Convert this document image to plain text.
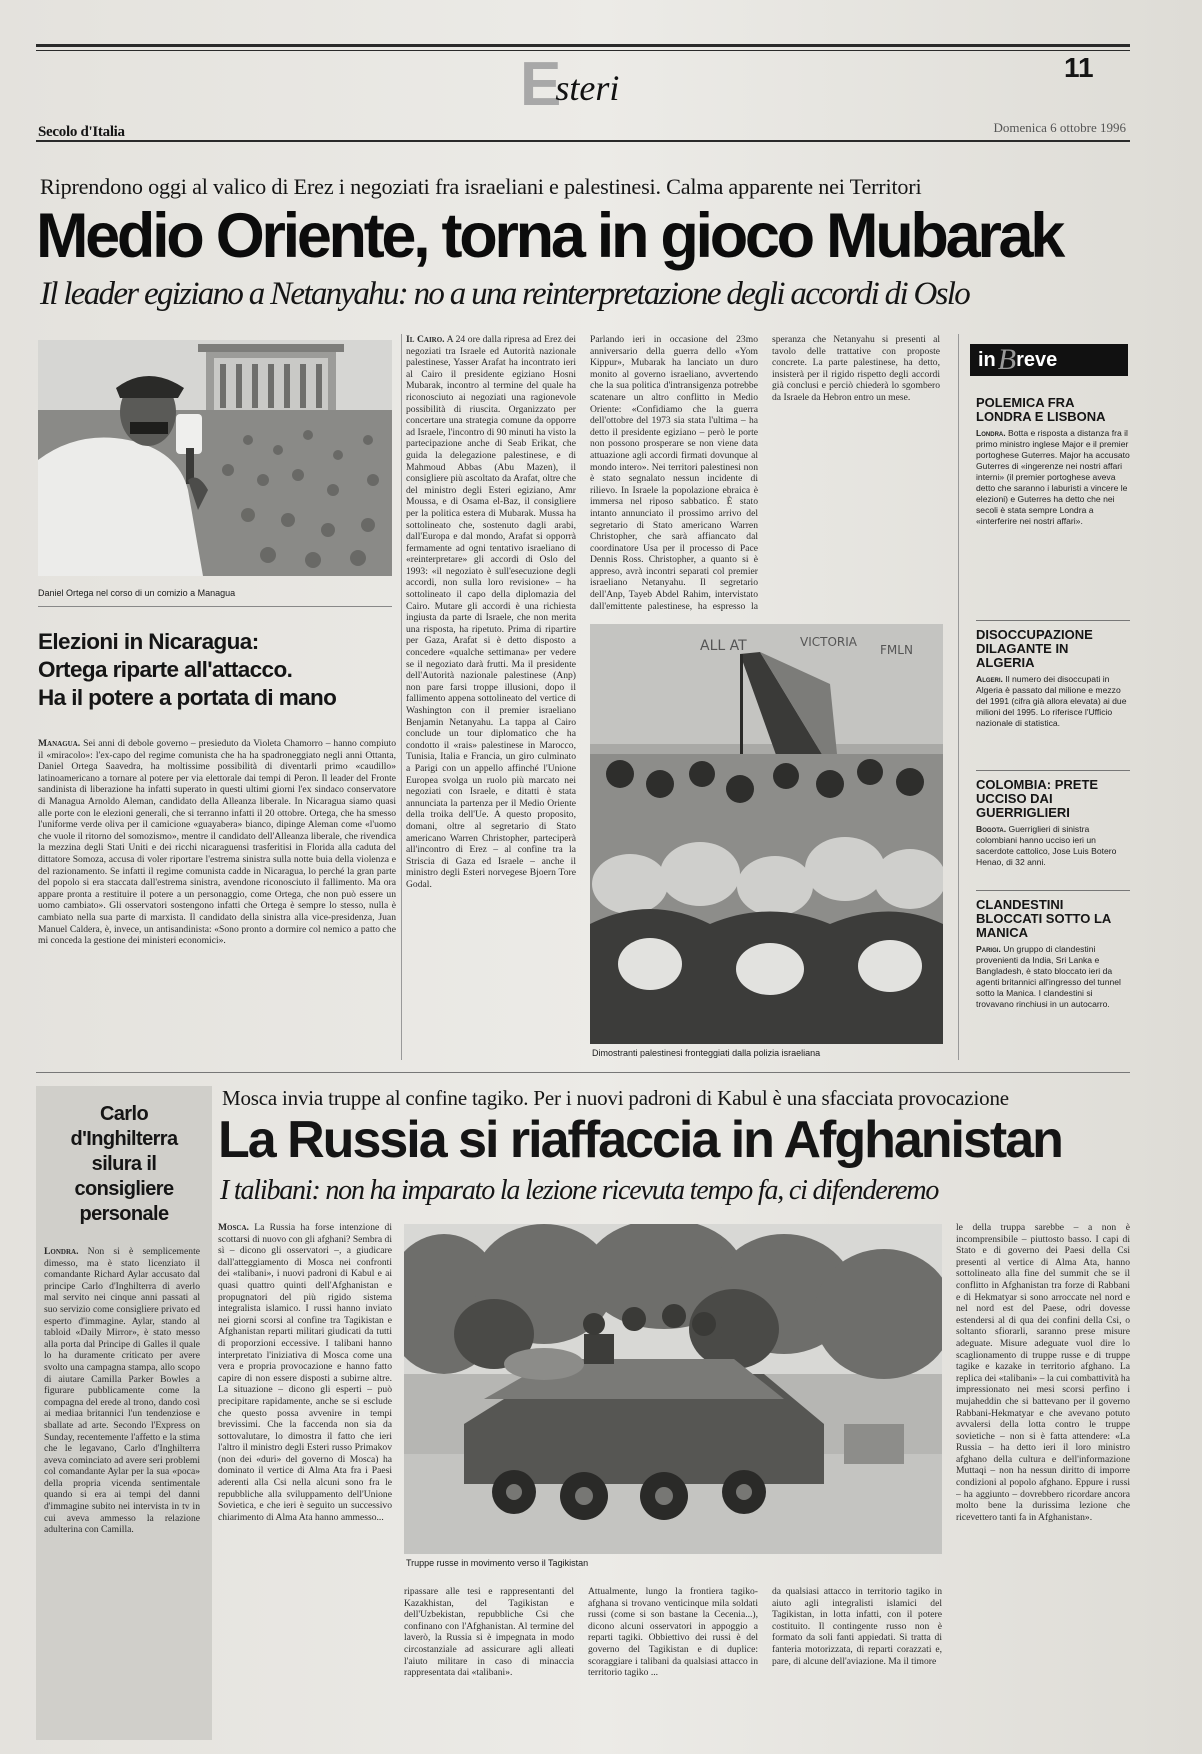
E
steri
11
Secolo d'Italia	Domenica 6 ottobre 1996
Riprendono oggi al valico di Erez i negoziati fra israeliani e palestinesi. Calma apparente nei Territori
Medio Oriente, torna in gioco Mubarak
Il leader egiziano a Netanyahu: no a una reinterpretazione degli accordi di Oslo
Daniel Ortega nel corso di un comizio a Managua
Elezioni in Nicaragua:
Ortega riparte all'attacco.
Ha il potere a portata di mano

Managua. Sei anni di debole governo – presieduto da Violeta Chamorro – hanno compiuto il «miracolo»: l'ex-capo del regime comunista che ha ha spadroneggiato negli anni Ottanta, Daniel Ortega Saavedra, ha moltissime possibilità di diventarli primo «caudillo» latinoamericano a tornare al potere per via elettorale dai tempi di Peron. Il leader del Fronte sandinista di liberazione ha infatti superato in questi ultimi giorni l'ex sindaco conservatore di Managua Arnoldo Aleman, candidato della Alleanza liberale. In Nicaragua siamo quasi alle porte con le elezioni generali, che si terranno infatti il 20 ottobre. Ortega, che ha smesso l'uniforme verde oliva per il camicione «guayabera» bianco, dipinge Aleman come «l'uomo che vuole il ritorno del somozismo», mentre il candidato dell'Alleanza liberale, che rivendica la mezzina degli Stati Uniti e dei ricchi nicaraguensi trasferitisi in Florida alla caduta del dittatore Somoza, accusa di voler riportare l'estrema sinistra sulla notte buia della violenza e del razionamento. Se infatti il regime comunista cadde in Nicaragua, lo perché la gran parte del popolo si era staccata dall'estrema sinistra, avendone riconosciuto il fallimento. Ma ora appare pronta a restituire il potere a un personaggio, come Ortega, che non può essere un uomo cambiato». Gli osservatori sostengono infatti che Ortega è sempre lo stesso, nulla è cambiato nella sua parte di marxista. Il candidato della sinistra alla vice-presidenza, Juan Manuel Caldera, è, invece, un antisandinista: «Sono pronto a dormire col nemico a patto che mi conceda la gestione dei ministeri economici».

Il Cairo. A 24 ore dalla ripresa ad Erez dei negoziati tra Israele ed Autorità nazionale palestinese, Yasser Arafat ha incontrato ieri al Cairo il presidente egiziano Hosni Mubarak, incontro al termine del quale ha riconosciuto ai negoziati una ragionevole possibilità di riuscita. Organizzato per concertare una strategia comune da opporre ad Israele, l'incontro di 90 minuti ha visto la partecipazione anche di Seab Erikat, che guida la delegazione palestinese, e di Mahmoud Abbas (Abu Mazen), il consigliere più ascoltato da Arafat, oltre che del ministro degli Esteri egiziano, Amr Moussa, e di Osama el-Baz, il consigliere per la politica estera di Mubarak. Mussa ha sottolineato che, sostenuto dagli arabi, dall'Europa e dal mondo, Arafat si opporrà fermamente ad ogni tentativo israeliano di «reinterpretare» gli accordi di Oslo del 1993: «il negoziato è sull'esecuzione degli accordi, non sulla loro revisione» – ha sottolineato il capo della diplomazia del Cairo. Mutare gli accordi è una richiesta ingiusta da parte di Israele, che non merita una risposta, ha ripetuto. Prima di ripartire per Gaza, Arafat si è detto disposto a concedere «qualche settimana» per vedere se il negoziato darà frutti. Ma il presidente dell'Autorità nazionale palestinese (Anp) non pare farsi troppe illusioni, dopo il fallimento appena sottolineato del vertice di Washington con il premier israeliano Benjamin Netanyahu. La tappa al Cairo conclude un tour diplomatico che ha condotto il «rais» palestinese in Marocco, Tunisia, Italia e Francia, un giro culminato a Parigi con un appello affinché l'Unione Europea svolga un ruolo più marcato nei negoziati con Israele, e ditatti è stata annunciata la partenza per il Medio Oriente della troika dell'Ue. A questo proposito, domani, oltre al segretario di Stato americano Warren Christopher, parteciperà all'incontro di Erez – al confine tra la Striscia di Gaza ed Israele – anche il ministro degli Esteri norvegese Bjoern Tore Godal.

Parlando ieri in occasione del 23mo anniversario della guerra dello «Yom Kippur», Mubarak ha lanciato un duro monito al governo israeliano, avvertendo che la sua politica d'intransigenza potrebbe scatenare un altro conflitto in Medio Oriente: «Confidiamo che la guerra dell'ottobre del 1973 sia stata l'ultima – ha detto il presidente egiziano – però le porte non possono prosperare se non viene data attuazione agli accordi firmati dovunque al mondo intero». Nei territori palestinesi non è stato segnalato nessun incidente di rilievo. In Israele la popolazione ebraica è immersa nel riposo sabbatico. È stato intanto annunciato il prossimo arrivo del segretario di Stato americano Warren Christopher, che sarà affiancato dal coordinatore Usa per il processo di Pace Dennis Ross. Christopher, a quanto si è appreso, avrà incontri separati col premier israeliano Netanyahu. Il segretario dell'Anp, Tayeb Abdel Rahim, intervistato dall'emittente palestinese, ha espresso la speranza che Netanyahu si presenti al tavolo delle trattative con proposte concrete. La parte palestinese, ha detto, insisterà per il rigido rispetto degli accordi già conclusi e perciò chiederà lo sgombero da Israele da Hebron entro un mese.

ALL AT	VICTORIA
FMLN
Dimostranti palestinesi fronteggiati dalla polizia israeliana
in B reve
POLEMICA FRA LONDRA E LISBONA

Londra. Botta e risposta a distanza fra il primo ministro inglese Major e il premier portoghese Guterres. Major ha accusato Guterres di «ingerenze nei nostri affari interni» (il premier portoghese aveva detto che saranno i laburisti a vincere le elezioni) e Guterres ha detto che nei secoli è stata sempre Londra a «interferire nei nostri affari».

DISOCCUPAZIONE DILAGANTE IN ALGERIA

Algeri. Il numero dei disoccupati in Algeria è passato dal milione e mezzo del 1991 (cifra già allora elevata) ai due milioni del 1995. Lo riferisce l'Ufficio nazionale di statistica.

COLOMBIA: PRETE UCCISO DAI GUERRIGLIERI

Bogota. Guerriglieri di sinistra colombiani hanno ucciso ieri un sacerdote cattolico, Jose Luis Botero Henao, di 32 anni.

CLANDESTINI BLOCCATI SOTTO LA MANICA

Parigi. Un gruppo di clandestini provenienti da India, Sri Lanka e Bangladesh, è stato bloccato ieri da agenti britannici all'ingresso del tunnel sotto la Manica. I clandestini si trovavano rinchiusi in un autocarro.

Carlo d'Inghilterra silura il consigliere personale

Londra. Non si è semplicemente dimesso, ma è stato licenziato il comandante Richard Aylar accusato dal principe Carlo d'Inghilterra di averlo mal servito nei cinque anni passati al suo servizio come consigliere privato ed esperto d'immagine. Aylar, stando al tabloid «Daily Mirror», è stato messo alla porta dal Principe di Galles il quale lo ha duramente criticato per avere svolto una campagna stampa, allo scopo di aiutare Camilla Parker Bowles a figurare pubblicamente come la compagna del erede al trono, dando così ai mediaa britannici l'un tendenziose e sballate ad arte. Secondo l'Express on Sunday, recentemente l'affetto e la stima che le legavano, Carlo d'Inghilterra aveva cominciato ad avere seri problemi col comandante Aylar per la sua «poca» della propria vicenda sentimentale quando si era ai tempi del danni d'immagine subito nei intervista in tv in cui aveva ammesso la relazione adulterina con Camilla.

Mosca invia truppe al confine tagiko. Per i nuovi padroni di Kabul è una sfacciata provocazione
La Russia si riaffaccia in Afghanistan
I talibani: non ha imparato la lezione ricevuta tempo fa, ci difenderemo

Mosca. La Russia ha forse intenzione di scottarsi di nuovo con gli afghani? Sembra di sì – dicono gli osservatori –, a giudicare dall'atteggiamento di Mosca nei confronti dei «talibani», i nuovi padroni di Kabul e ai quasi quattro quinti dell'Afghanistan e propugnatori del più rigido sistema integralista islamico. I russi hanno inviato nei giorni scorsi al confine tra Tagikistan e Afghanistan reparti militari giudicati da tutti di proporzioni eccessive. I talibani hanno interpretato l'iniziativa di Mosca come una vera e propria provocazione e hanno fatto capire di non essere disposti a subirne altre. La situazione – dicono gli esperti – può precipitare rapidamente, anche se si esclude che questo possa avvenire in tempi brevissimi. Che la faccenda non sia da sottovalutare, lo dimostra il fatto che ieri l'altro il ministro degli Esteri russo Primakov (non dei «duri» del governo di Mosca) ha dominato il vertice di Alma Ata fra i Paesi aderenti alla Csi nella alcuni sono fra le repubbliche alla sviluppamento dell'Unione Sovietica, e che ieri è seguito un successivo chiarimento di Alma Ata hanno ammesso...

Truppe russe in movimento verso il Tagikistan

ripassare alle tesi e rappresentanti del Kazakhistan, del Tagikistan e dell'Uzbekistan, repubbliche Csi che confinano con l'Afghanistan. Al termine del laverò, la Russia si è impegnata in modo circostanziale ad assicurare agli alleati l'aiuto militare in caso di minaccia rappresentata dai «talibani».

Attualmente, lungo la frontiera tagiko-afghana si trovano venticinque mila soldati russi (come si son bastane la Cecenia...), dicono alcuni osservatori in appoggio a reparti tagiki. Obbiettivo dei russi è del governo del Tagikistan e di duplice: scoraggiare i talibani da qualsiasi attacco in territorio tagiko ...

da qualsiasi attacco in territorio tagiko in aiuto agli integralisti islamici del Tagikistan, in lotta infatti, con il potere costituito. Il contingente russo non è formato da soli fanti appiedati. Si tratta di fanteria motorizzata, di reparti corazzati e, pare, di alcune dell'aviazione. Ma il timore

le della truppa sarebbe – a non è incomprensibile – piuttosto basso. I capi di Stato e di governo dei Paesi della Csi presenti al vertice di Alma Ata, hanno sottolineato alla fine del summit che se il conflitto in Afghanistan tra forze di Rabbani e di Hekmatyar si sono arroccate nel nord e nel nord est del Paese, odri dovesse estendersi al di qua dei confini della Csi, o soltanto sfiorarli, saranno prese misure adeguate. Misure adeguate vuol dire lo scaglionamento di truppe russe e di truppe tagike e kazake in territorio afghano. La replica dei «talibani» – la cui combattività ha impressionato nei mesi scorsi perfino i mujaheddin che si battevano per il governo Rabbani-Hekmatyar e che avevano potuto avvalersi della lotta contro le truppe sovietiche – non si è fatta attendere: «La Russia – ha detto ieri il loro ministro afghano della cultura e dell'informazione Muttaqi – non ha nessun diritto di imporre condizioni al popolo afghano. Eppure i russi – ha aggiunto – dovrebbero ricordare ancora molto bene la durissima lezione che ricevettero tanti fa in Afghanistan».
